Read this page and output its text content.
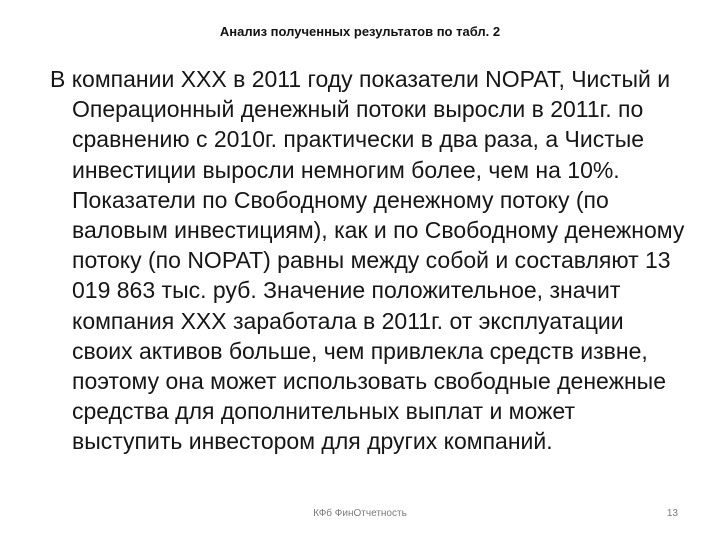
Анализ полученных результатов по табл. 2

В компании XXX в 2011 году показатели NOPAT, Чистый и Операционный денежный потоки выросли в 2011г. по сравнению с 2010г. практически в два раза, а Чистые инвестиции выросли немногим более, чем на 10%. Показатели по Свободному денежному потоку (по валовым инвестициям), как и по Свободному денежному потоку (по NOPAT) равны между собой и составляют 13 019 863 тыс. руб. Значение положительное, значит компания XXX заработала в 2011г. от эксплуатации своих активов больше, чем привлекла средств извне, поэтому она может использовать свободные денежные средства для дополнительных выплат и может выступить инвестором для других компаний.

КФб ФинОтчетность	13
